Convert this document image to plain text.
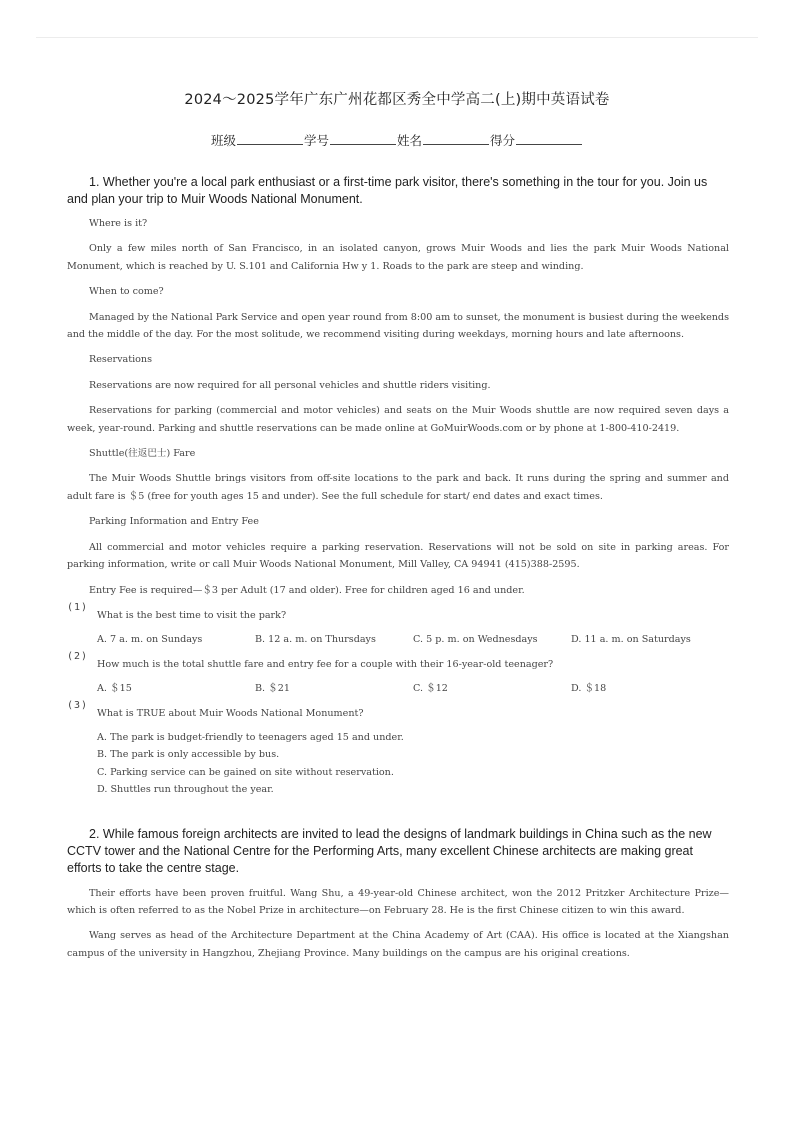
2024～2025学年广东广州花都区秀全中学高二(上)期中英语试卷
班级	学号	姓名	得分

1. Whether you're a local park enthusiast or a first-time park visitor, there's something in the tour for you. Join us and plan your trip to Muir Woods National Monument.

Where is it?

Only a few miles north of San Francisco, in an isolated canyon, grows Muir Woods and lies the park Muir Woods National Monument, which is reached by U. S.101 and California Hw y 1. Roads to the park are steep and winding.

When to come?

Managed by the National Park Service and open year round from 8:00 am to sunset, the monument is busiest during the weekends and the middle of the day. For the most solitude, we recommend visiting during weekdays, morning hours and late afternoons.

Reservations

Reservations are now required for all personal vehicles and shuttle riders visiting.

Reservations for parking (commercial and motor vehicles) and seats on the Muir Woods shuttle are now required seven days a week, year-round. Parking and shuttle reservations can be made online at GoMuirWoods.com or by phone at 1-800-410-2419.

Shuttle(往返巴士) Fare

The Muir Woods Shuttle brings visitors from off-site locations to the park and back. It runs during the spring and summer and adult fare is ＄5 (free for youth ages 15 and under). See the full schedule for start/ end dates and exact times.

Parking Information and Entry Fee

All commercial and motor vehicles require a parking reservation. Reservations will not be sold on site in parking areas. For parking information, write or call Muir Woods National Monument, Mill Valley, CA 94941 (415)388-2595.

Entry Fee is required—＄3 per Adult (17 and older). Free for children aged 16 and under.

(1)

What is the best time to visit the park?

A. 7 a. m. on Sundays	B. 12 a. m. on Thursdays	C. 5 p. m. on Wednesdays	D. 11 a. m. on Saturdays
(2)

How much is the total shuttle fare and entry fee for a couple with their 16-year-old teenager?

A. ＄15	B. ＄21	C. ＄12	D. ＄18
(3)

What is TRUE about Muir Woods National Monument?

A. The park is budget-friendly to teenagers aged 15 and under.
B. The park is only accessible by bus.
C. Parking service can be gained on site without reservation.
D. Shuttles run throughout the year.

2. While famous foreign architects are invited to lead the designs of landmark buildings in China such as the new CCTV tower and the National Centre for the Performing Arts, many excellent Chinese architects are making great efforts to take the centre stage.

Their efforts have been proven fruitful. Wang Shu, a 49-year-old Chinese architect, won the 2012 Pritzker Architecture Prize—which is often referred to as the Nobel Prize in architecture—on February 28. He is the first Chinese citizen to win this award.

Wang serves as head of the Architecture Department at the China Academy of Art (CAA). His office is located at the Xiangshan campus of the university in Hangzhou, Zhejiang Province. Many buildings on the campus are his original creations.
